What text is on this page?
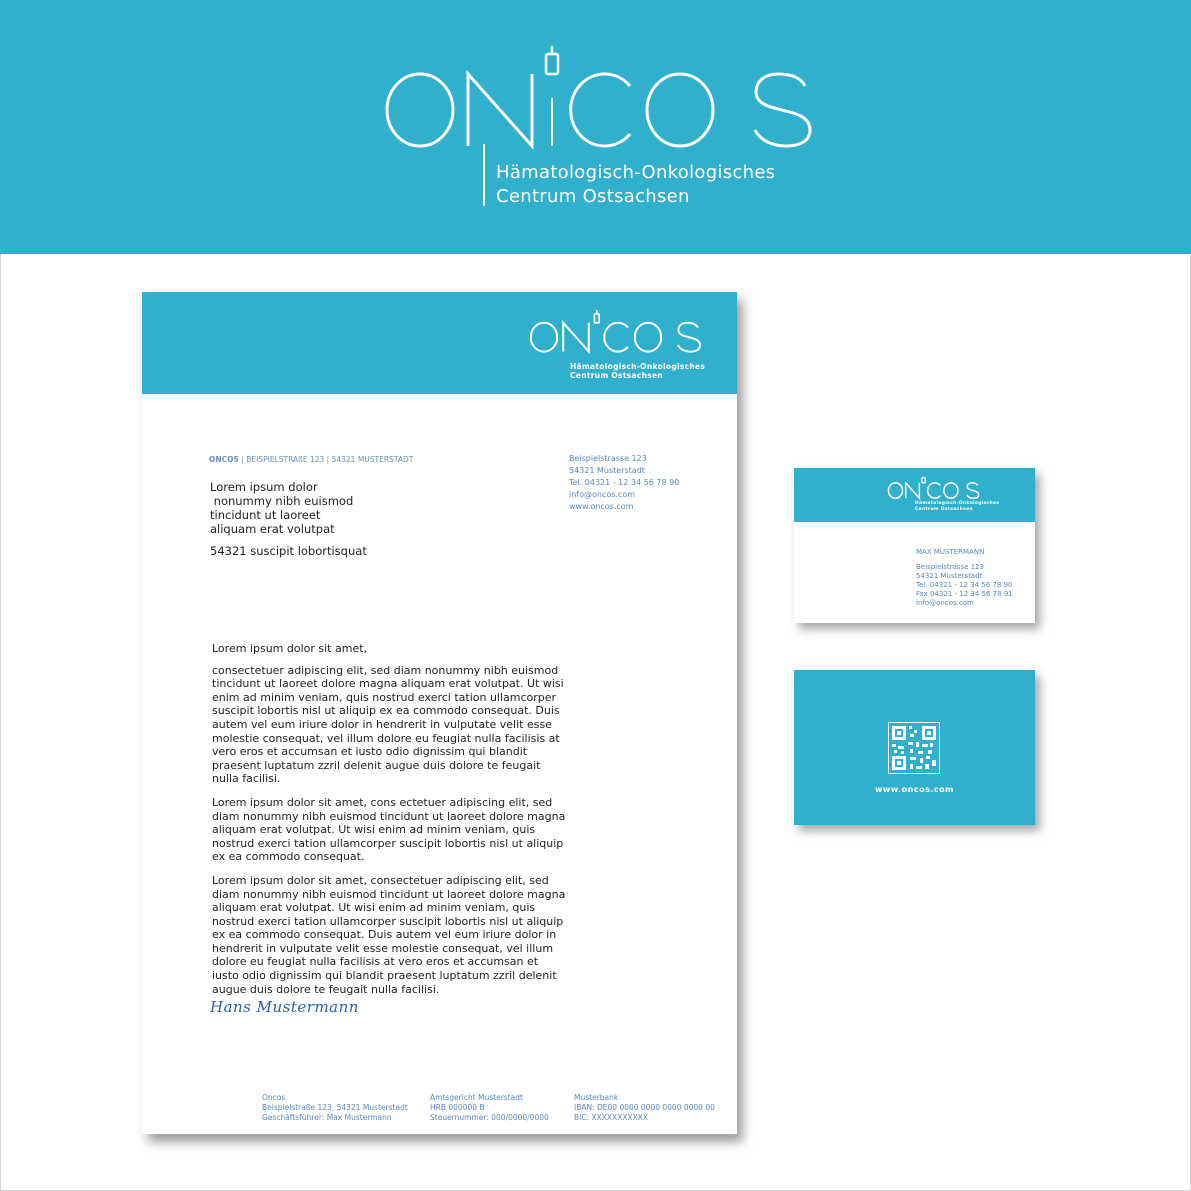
Hämatologisch-Onkologisches
Centrum Ostsachsen
Hämatologisch-Onkologisches
Centrum Ostsachsen
ONCOS | BEISPIELSTRAßE 123 | 54321 MUSTERSTADT	Beispielstrasse 123
54321 Musterstadt
Tel. 04321 - 12 34 56 78 90
info@oncos.com
www.oncos.com
Lorem ipsum dolor
nonummy nibh euismod
tincidunt ut laoreet
aliquam erat volutpat
54321 suscipit lobortisquat

Lorem ipsum dolor sit amet,

consectetuer adipiscing elit, sed diam nonummy nibh euismod tincidunt ut laoreet dolore magna aliquam erat volutpat. Ut wisi enim ad minim veniam, quis nostrud exerci tation ullamcorper suscipit lobortis nisl ut aliquip ex ea commodo consequat. Duis autem vel eum iriure dolor in hendrerit in vulputate velit esse molestie consequat, vel illum dolore eu feugiat nulla facilisis at vero eros et accumsan et iusto odio dignissim qui blandit praesent luptatum zzril delenit augue duis dolore te feugait nulla facilisi.

Lorem ipsum dolor sit amet, cons ectetuer adipiscing elit, sed diam nonummy nibh euismod tincidunt ut laoreet dolore magna aliquam erat volutpat. Ut wisi enim ad minim veniam, quis nostrud exerci tation ullamcorper suscipit lobortis nisl ut aliquip ex ea commodo consequat.

Lorem ipsum dolor sit amet, consectetuer adipiscing elit, sed diam nonummy nibh euismod tincidunt ut laoreet dolore magna aliquam erat volutpat. Ut wisi enim ad minim veniam, quis nostrud exerci tation ullamcorper suscipit lobortis nisl ut aliquip ex ea commodo consequat. Duis autem vel eum iriure dolor in hendrerit in vulputate velit esse molestie consequat, vel illum dolore eu feugiat nulla facilisis at vero eros et accumsan et iusto odio dignissim qui blandit praesent luptatum zzril delenit augue duis dolore te feugait nulla facilisi.

Hans Mustermann
Oncos
Beispielstraße 123, 54321 Musterstadt
Geschäftsführer: Max Mustermann
Amtsgericht Musterstadt
HRB 000000 B
Steuernummer: 000/0000/0000
Musterbank
IBAN: DE00 0000 0000 0000 0000 00
BIC: XXXXXXXXXXX
Hämatologisch-Onkologisches
Centrum Ostsachsen
MAX MUSTERMANN
Beispielstrasse 123
54321 Musterstadt
Tel. 04321 - 12 34 56 78 90
Fax 04321 - 12 34 56 78 91
info@oncos.com
www.oncos.com
